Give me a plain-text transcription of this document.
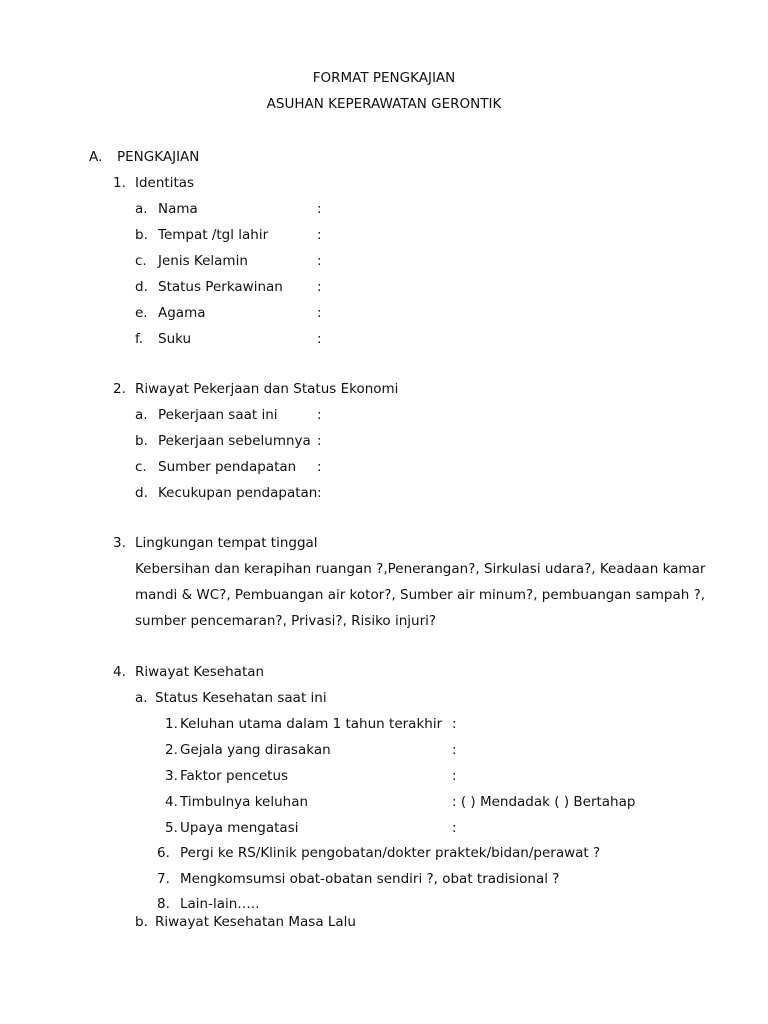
FORMAT PENGKAJIAN
ASUHAN KEPERAWATAN GERONTIK
A. PENGKAJIAN
1. Identitas
a. Nama	:
b. Tempat /tgl lahir	:
c. Jenis Kelamin	:
d. Status Perkawinan	:
e. Agama	:
f. Suku	:
2. Riwayat Pekerjaan dan Status Ekonomi
a. Pekerjaan saat ini	:
b. Pekerjaan sebelumnya :
c. Sumber pendapatan :
d. Kecukupan pendapatan :
3. Lingkungan tempat tinggal
Kebersihan dan kerapihan ruangan ?,Penerangan?, Sirkulasi udara?, Keadaan kamar
mandi & WC?, Pembuangan air kotor?, Sumber air minum?, pembuangan sampah ?,
sumber pencemaran?, Privasi?, Risiko injuri?
4. Riwayat Kesehatan
a. Status Kesehatan saat ini
1. Keluhan utama dalam 1 tahun terakhir :
2. Gejala yang dirasakan	:
3. Faktor pencetus	:
4. Timbulnya keluhan	: ( ) Mendadak ( ) Bertahap
5. Upaya mengatasi	:
6. Pergi ke RS/Klinik pengobatan/dokter praktek/bidan/perawat ?
7. Mengkomsumsi obat-obatan sendiri ?, obat tradisional ?
8. Lain-lain…..
b. Riwayat Kesehatan Masa Lalu
